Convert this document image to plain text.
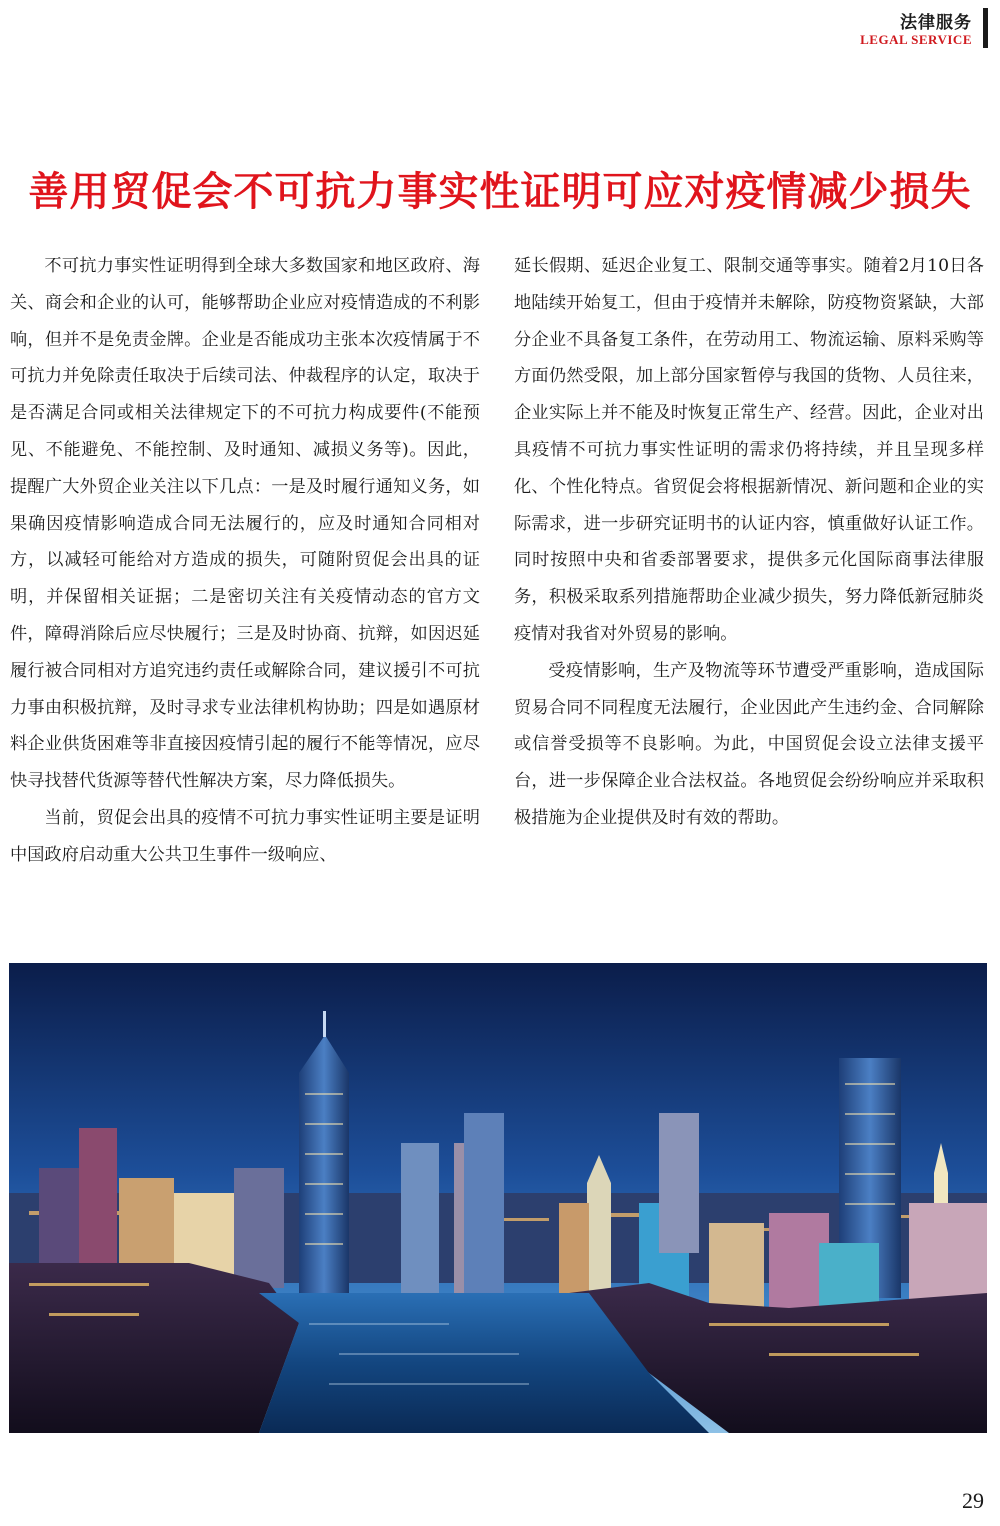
法律服务
LEGAL SERVICE
善用贸促会不可抗力事实性证明可应对疫情减少损失

不可抗力事实性证明得到全球大多数国家和地区政府、海关、商会和企业的认可，能够帮助企业应对疫情造成的不利影响，但并不是免责金牌。企业是否能成功主张本次疫情属于不可抗力并免除责任取决于后续司法、仲裁程序的认定，取决于是否满足合同或相关法律规定下的不可抗力构成要件(不能预见、不能避免、不能控制、及时通知、减损义务等)。因此，提醒广大外贸企业关注以下几点：一是及时履行通知义务，如果确因疫情影响造成合同无法履行的，应及时通知合同相对方，以减轻可能给对方造成的损失，可随附贸促会出具的证明，并保留相关证据；二是密切关注有关疫情动态的官方文件，障碍消除后应尽快履行；三是及时协商、抗辩，如因迟延履行被合同相对方追究违约责任或解除合同，建议援引不可抗力事由积极抗辩，及时寻求专业法律机构协助；四是如遇原材料企业供货困难等非直接因疫情引起的履行不能等情况，应尽快寻找替代货源等替代性解决方案，尽力降低损失。

当前，贸促会出具的疫情不可抗力事实性证明主要是证明中国政府启动重大公共卫生事件一级响应、

延长假期、延迟企业复工、限制交通等事实。随着2月10日各地陆续开始复工，但由于疫情并未解除，防疫物资紧缺，大部分企业不具备复工条件，在劳动用工、物流运输、原料采购等方面仍然受限，加上部分国家暂停与我国的货物、人员往来，企业实际上并不能及时恢复正常生产、经营。因此，企业对出具疫情不可抗力事实性证明的需求仍将持续，并且呈现多样化、个性化特点。省贸促会将根据新情况、新问题和企业的实际需求，进一步研究证明书的认证内容，慎重做好认证工作。同时按照中央和省委部署要求，提供多元化国际商事法律服务，积极采取系列措施帮助企业减少损失，努力降低新冠肺炎疫情对我省对外贸易的影响。

受疫情影响，生产及物流等环节遭受严重影响，造成国际贸易合同不同程度无法履行，企业因此产生违约金、合同解除或信誉受损等不良影响。为此，中国贸促会设立法律支援平台，进一步保障企业合法权益。各地贸促会纷纷响应并采取积极措施为企业提供及时有效的帮助。

29
